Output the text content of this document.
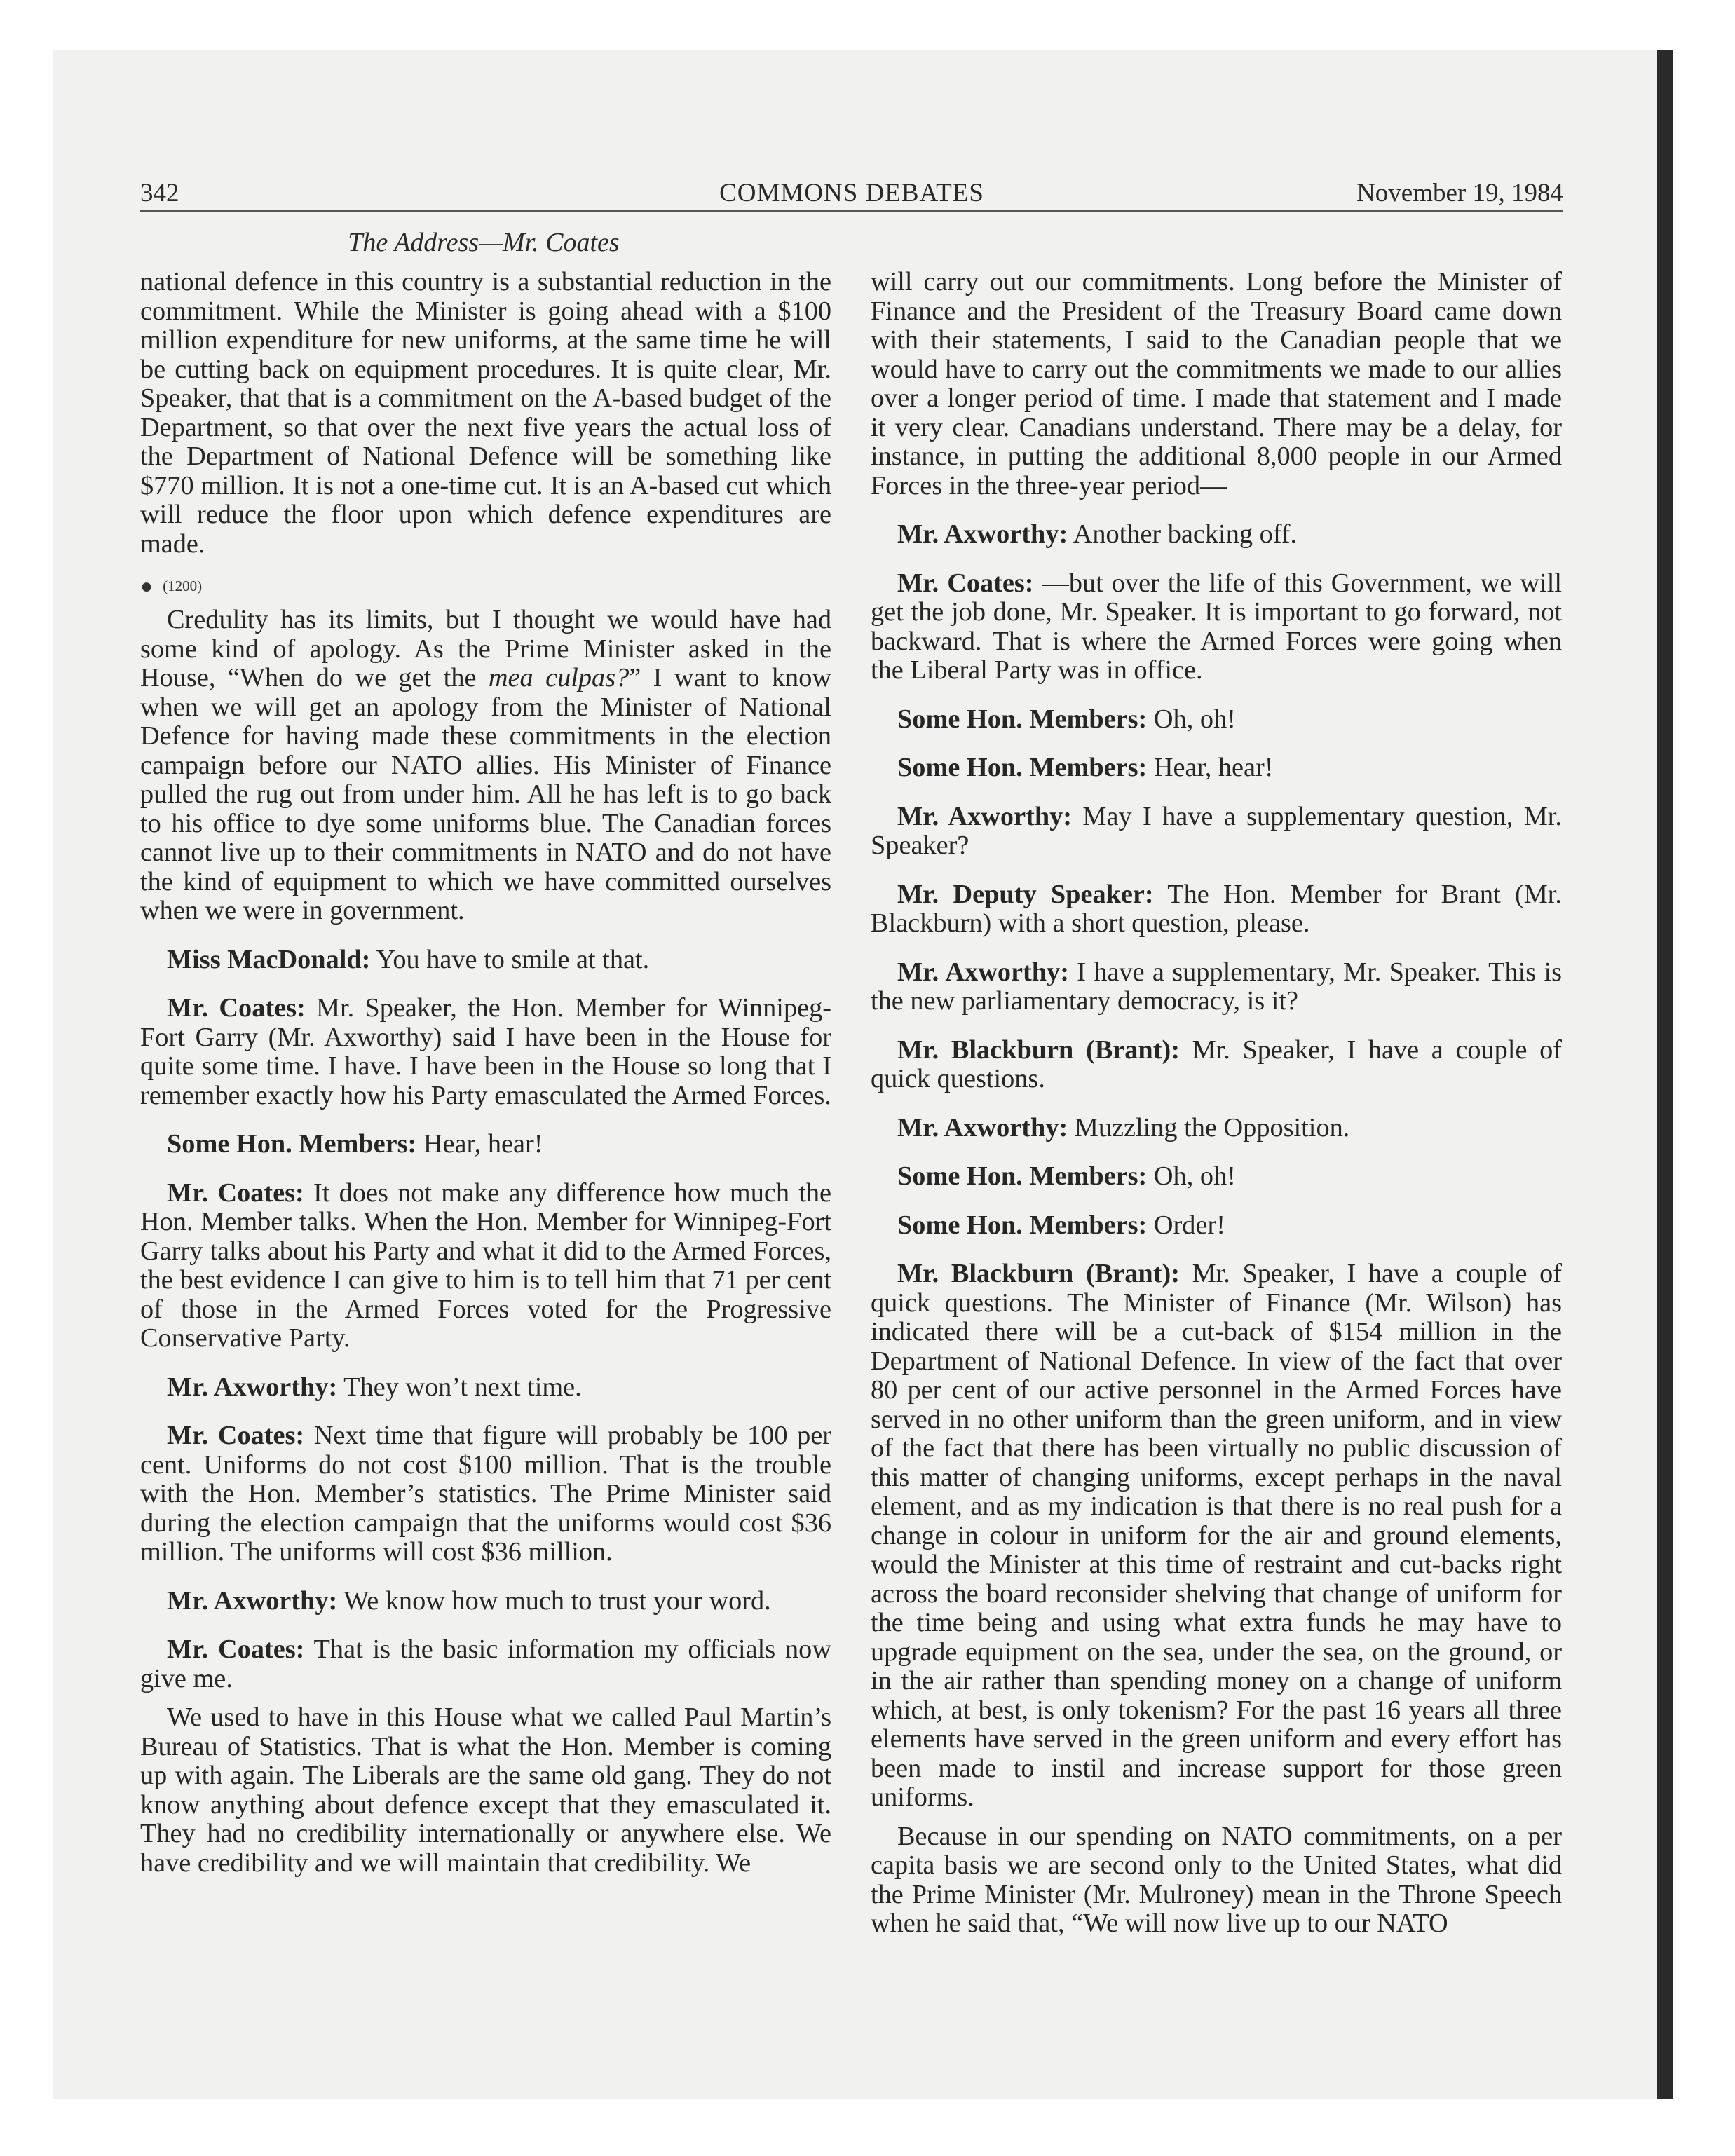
342	COMMONS DEBATES	November 19, 1984
The Address—Mr. Coates

national defence in this country is a substantial reduction in the commitment. While the Minister is going ahead with a $100 million expenditure for new uniforms, at the same time he will be cutting back on equipment procedures. It is quite clear, Mr. Speaker, that that is a commitment on the A-based budget of the Department, so that over the next five years the actual loss of the Department of National Defence will be something like $770 million. It is not a one-time cut. It is an A-based cut which will reduce the floor upon which defence expenditures are made.

● (1200)

Credulity has its limits, but I thought we would have had some kind of apology. As the Prime Minister asked in the House, “When do we get the mea culpas?” I want to know when we will get an apology from the Minister of National Defence for having made these commitments in the election campaign before our NATO allies. His Minister of Finance pulled the rug out from under him. All he has left is to go back to his office to dye some uniforms blue. The Canadian forces cannot live up to their commitments in NATO and do not have the kind of equipment to which we have committed ourselves when we were in government.

Miss MacDonald: You have to smile at that.

Mr. Coates: Mr. Speaker, the Hon. Member for Winnipeg-Fort Garry (Mr. Axworthy) said I have been in the House for quite some time. I have. I have been in the House so long that I remember exactly how his Party emasculated the Armed Forces.

Some Hon. Members: Hear, hear!

Mr. Coates: It does not make any difference how much the Hon. Member talks. When the Hon. Member for Winnipeg-Fort Garry talks about his Party and what it did to the Armed Forces, the best evidence I can give to him is to tell him that 71 per cent of those in the Armed Forces voted for the Progressive Conservative Party.

Mr. Axworthy: They won’t next time.

Mr. Coates: Next time that figure will probably be 100 per cent. Uniforms do not cost $100 million. That is the trouble with the Hon. Member’s statistics. The Prime Minister said during the election campaign that the uniforms would cost $36 million. The uniforms will cost $36 million.

Mr. Axworthy: We know how much to trust your word.

Mr. Coates: That is the basic information my officials now give me.

We used to have in this House what we called Paul Martin’s Bureau of Statistics. That is what the Hon. Member is coming up with again. The Liberals are the same old gang. They do not know anything about defence except that they emasculated it. They had no credibility internationally or anywhere else. We have credibility and we will maintain that credibility. We

will carry out our commitments. Long before the Minister of Finance and the President of the Treasury Board came down with their statements, I said to the Canadian people that we would have to carry out the commitments we made to our allies over a longer period of time. I made that statement and I made it very clear. Canadians understand. There may be a delay, for instance, in putting the additional 8,000 people in our Armed Forces in the three-year period—

Mr. Axworthy: Another backing off.

Mr. Coates: —but over the life of this Government, we will get the job done, Mr. Speaker. It is important to go forward, not backward. That is where the Armed Forces were going when the Liberal Party was in office.

Some Hon. Members: Oh, oh!

Some Hon. Members: Hear, hear!

Mr. Axworthy: May I have a supplementary question, Mr. Speaker?

Mr. Deputy Speaker: The Hon. Member for Brant (Mr. Blackburn) with a short question, please.

Mr. Axworthy: I have a supplementary, Mr. Speaker. This is the new parliamentary democracy, is it?

Mr. Blackburn (Brant): Mr. Speaker, I have a couple of quick questions.

Mr. Axworthy: Muzzling the Opposition.

Some Hon. Members: Oh, oh!

Some Hon. Members: Order!

Mr. Blackburn (Brant): Mr. Speaker, I have a couple of quick questions. The Minister of Finance (Mr. Wilson) has indicated there will be a cut-back of $154 million in the Department of National Defence. In view of the fact that over 80 per cent of our active personnel in the Armed Forces have served in no other uniform than the green uniform, and in view of the fact that there has been virtually no public discussion of this matter of changing uniforms, except perhaps in the naval element, and as my indication is that there is no real push for a change in colour in uniform for the air and ground elements, would the Minister at this time of restraint and cut-backs right across the board reconsider shelving that change of uniform for the time being and using what extra funds he may have to upgrade equipment on the sea, under the sea, on the ground, or in the air rather than spending money on a change of uniform which, at best, is only tokenism? For the past 16 years all three elements have served in the green uniform and every effort has been made to instil and increase support for those green uniforms.

Because in our spending on NATO commitments, on a per capita basis we are second only to the United States, what did the Prime Minister (Mr. Mulroney) mean in the Throne Speech when he said that, “We will now live up to our NATO
